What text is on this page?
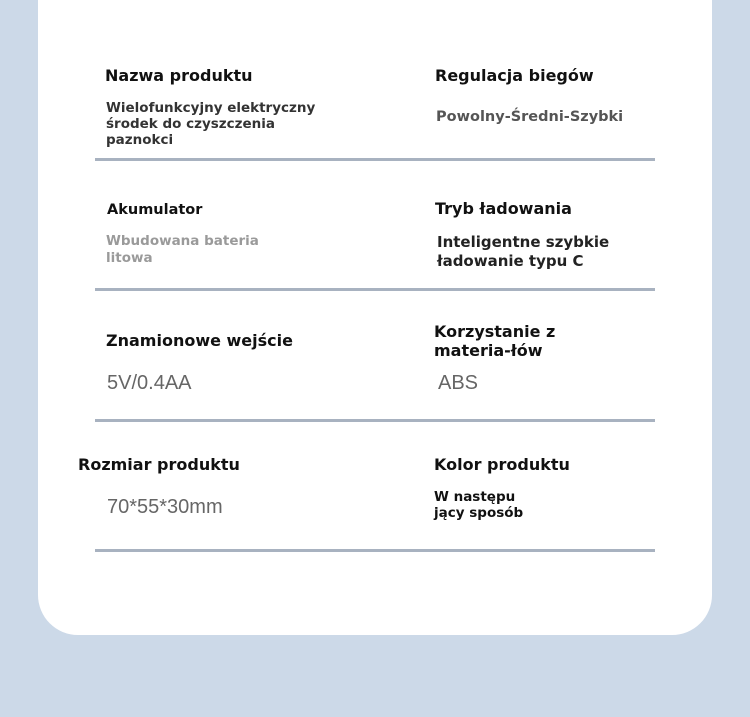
Nazwa produktu
Wielofunkcyjny elektryczny środek do czyszczenia paznokci
Regulacja biegów
Powolny-Średni-Szybki
Akumulator
Wbudowana bateria litowa
Tryb ładowania
Inteligentne szybkie ładowanie typu C
Znamionowe wejście
5V/0.4AA
Korzystanie z materia-łów
ABS
Rozmiar produktu
70*55*30mm
Kolor produktu
W następu jący sposób
